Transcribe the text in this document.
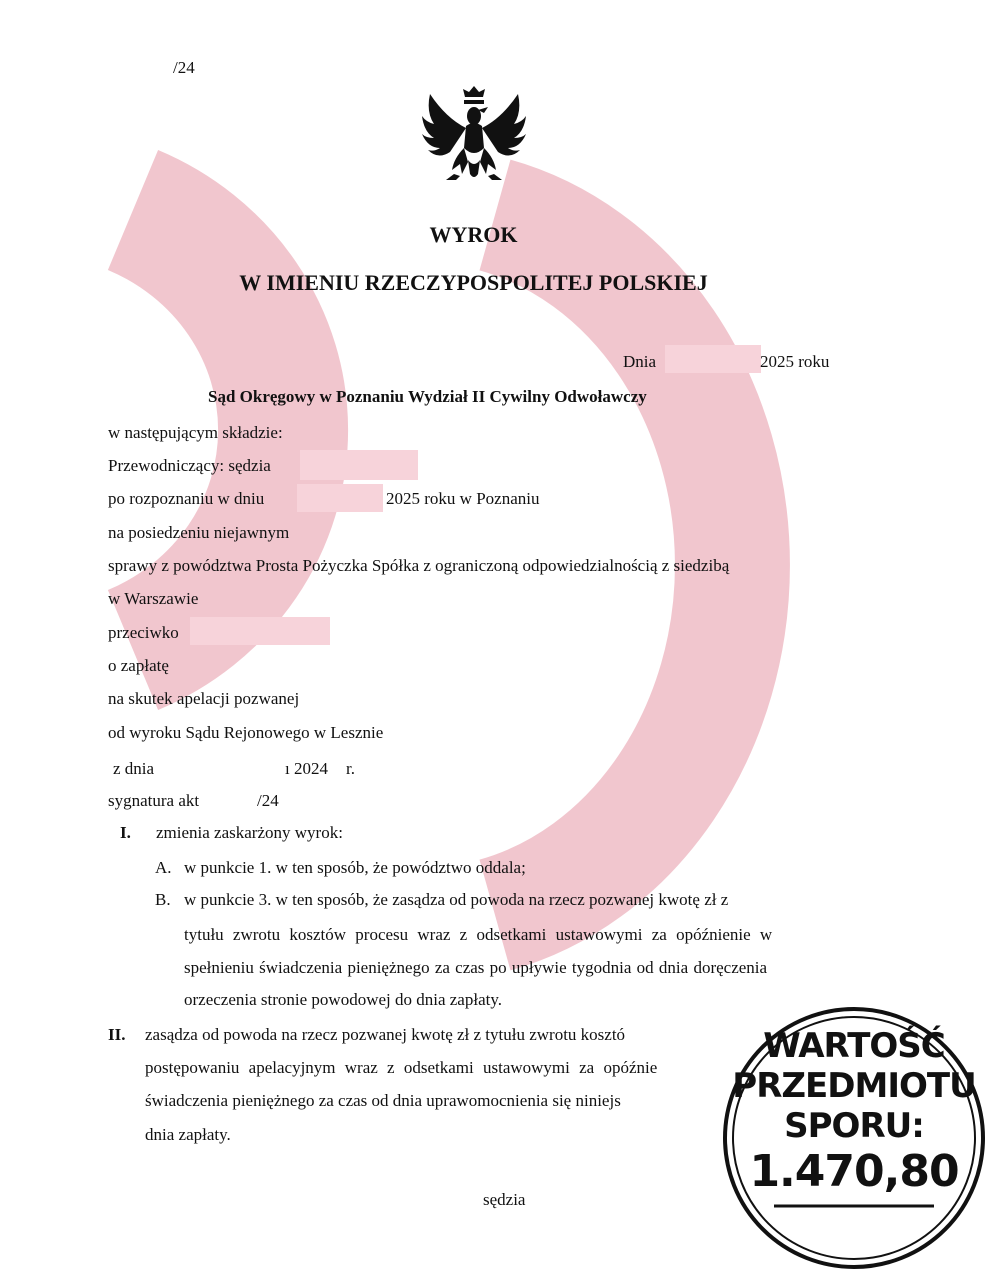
/24
WYROK
W IMIENIU RZECZYPOSPOLITEJ POLSKIEJ
Dnia	2025 roku
Sąd Okręgowy w Poznaniu Wydział II Cywilny Odwoławczy
w następującym składzie:
Przewodniczący: sędzia
po rozpoznaniu w dniu	2025 roku w Poznaniu
na posiedzeniu niejawnym
sprawy z powództwa Prosta Pożyczka Spółka z ograniczoną odpowiedzialnością z siedzibą
w Warszawie
przeciwko
o zapłatę
na skutek apelacji pozwanej
od wyroku Sądu Rejonowego w Lesznie
z dnia	ı 2024 r.
sygnatura akt	/24
I. zmienia zaskarżony wyrok:
A. w punkcie 1. w ten sposób, że powództwo oddala;
B. w punkcie 3. w ten sposób, że zasądza od powoda na rzecz pozwanej kwotę zł z
tytułu zwrotu kosztów procesu wraz z odsetkami ustawowymi za opóźnienie w
spełnieniu świadczenia pieniężnego za czas po upływie tygodnia od dnia doręczenia
orzeczenia stronie powodowej do dnia zapłaty.
II. zasądza od powoda na rzecz pozwanej kwotę zł z tytułu zwrotu kosztó
postępowaniu apelacyjnym wraz z odsetkami ustawowymi za opóźnie
świadczenia pieniężnego za czas od dnia uprawomocnienia się niniejs
dnia zapłaty.
sędzia
WARTOŚĆ
PRZEDMIOTU
SPORU:
1.470,80
